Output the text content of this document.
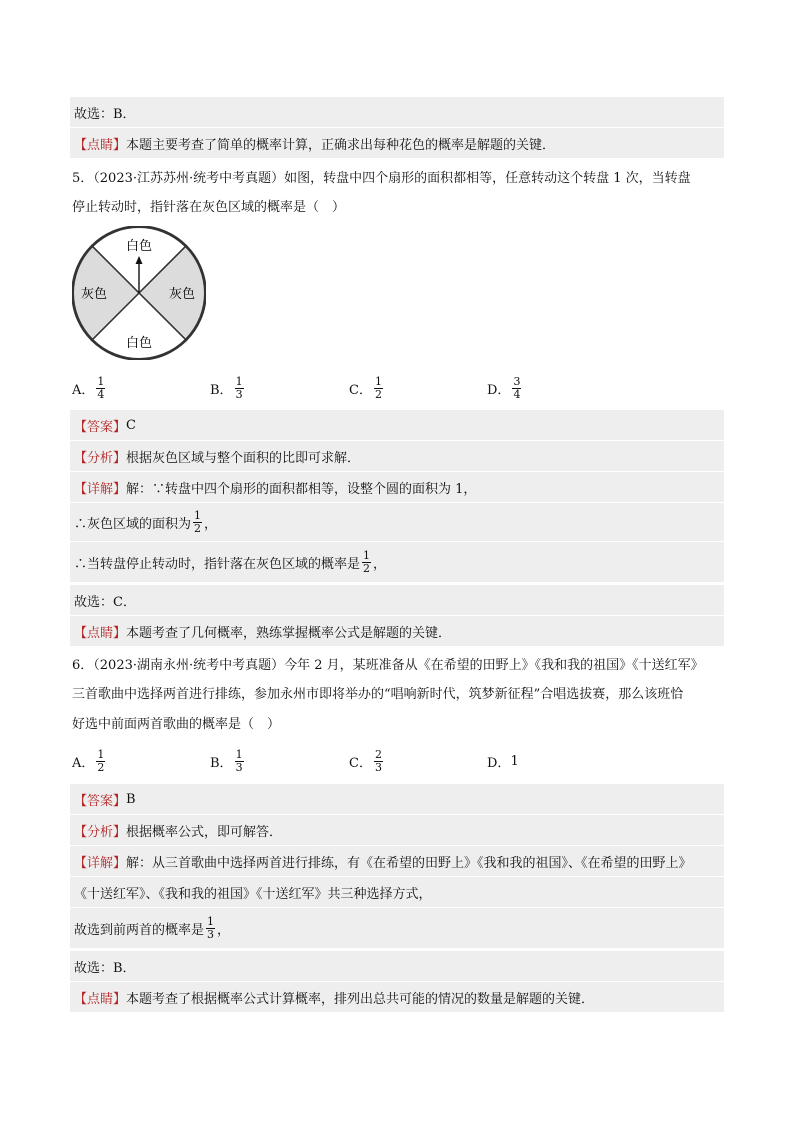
故选：B．
【点睛】 本题主要考查了简单的概率计算，正确求出每种花色的概率是解题的关键．
5．（2023·江苏苏州·统考中考真题）如图，转盘中四个扇形的面积都相等，任意转动这个转盘 1 次，当转盘
停止转动时，指针落在灰色区域的概率是（　）
白色
白色
灰色	灰色
A． $\frac{1}{4}$	B． $\frac{1}{3}$	C． $\frac{1}{2}$	D． $\frac{3}{4}$
【答案】 C
【分析】 根据灰色区域与整个面积的比即可求解．
【详解】 解：∵转盘中四个扇形的面积都相等，设整个圆的面积为 1，
∴灰色区域的面积为 $\frac{1}{2}$ ，
∴当转盘停止转动时，指针落在灰色区域的概率是 $\frac{1}{2}$ ，
故选：C．
【点睛】 本题考查了几何概率，熟练掌握概率公式是解题的关键．
6．（2023·湖南永州·统考中考真题）今年 2 月，某班准备从《在希望的田野上》《我和我的祖国》《十送红军》
三首歌曲中选择两首进行排练，参加永州市即将举办的“唱响新时代，筑梦新征程”合唱选拔赛，那么该班恰
好选中前面两首歌曲的概率是（　）
A． $\frac{1}{2}$	B． $\frac{1}{3}$	C． $\frac{2}{3}$	D． 1
【答案】 B
【分析】 根据概率公式，即可解答．
【详解】 解：从三首歌曲中选择两首进行排练，有《在希望的田野上》《我和我的祖国》、《在希望的田野上》
《十送红军》、《我和我的祖国》《十送红军》共三种选择方式，
故选到前两首的概率是 $\frac{1}{3}$ ，
故选：B．
【点睛】 本题考查了根据概率公式计算概率，排列出总共可能的情况的数量是解题的关键．
